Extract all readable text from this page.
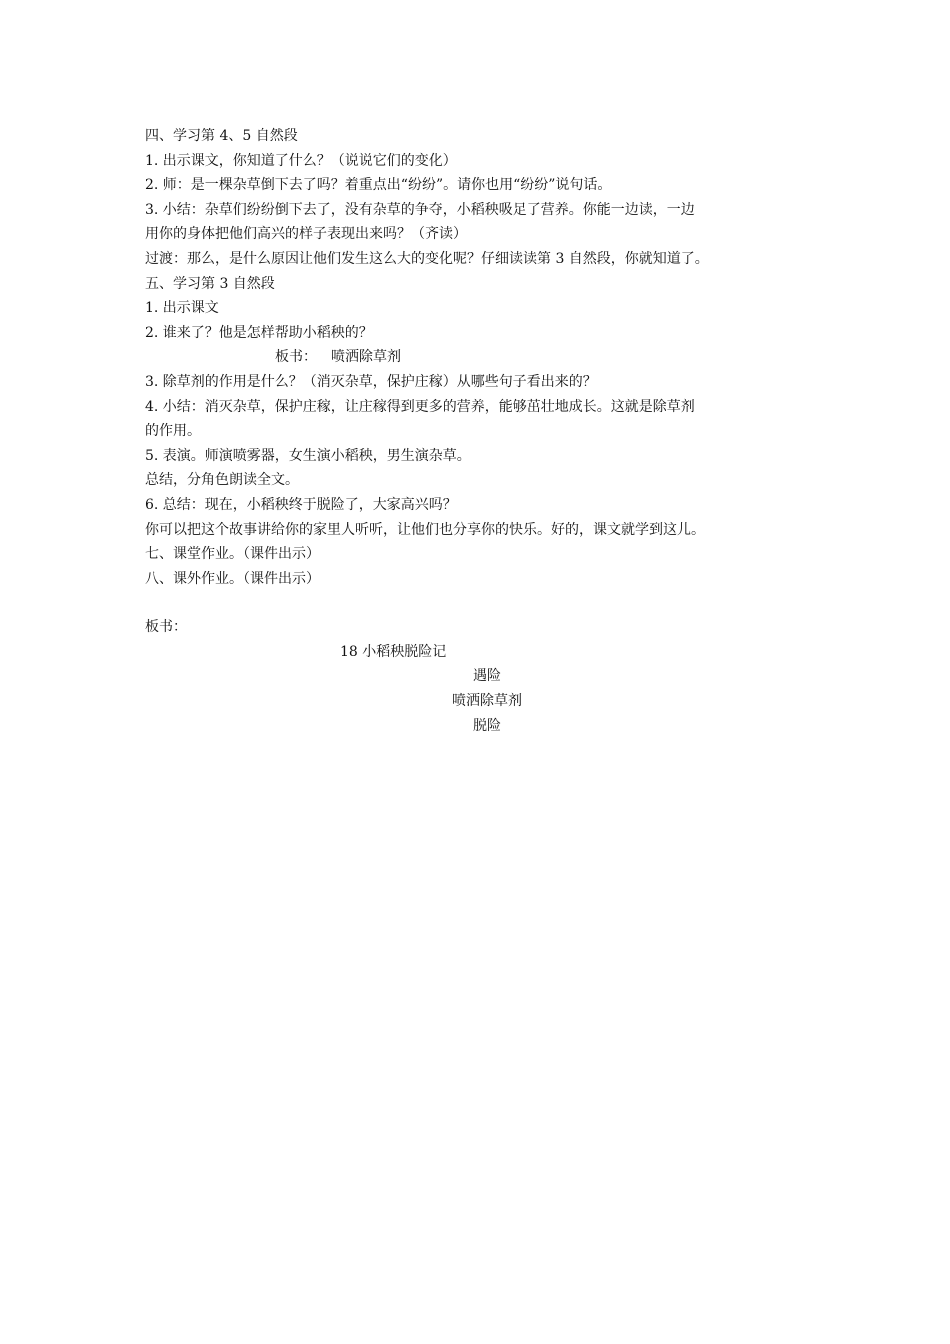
四、学习第 4、5 自然段
1. 出示课文，你知道了什么？（说说它们的变化）
2. 师：是一棵杂草倒下去了吗？着重点出“纷纷”。请你也用“纷纷”说句话。
3. 小结：杂草们纷纷倒下去了，没有杂草的争夺，小稻秧吸足了营养。你能一边读，一边
用你的身体把他们高兴的样子表现出来吗？（齐读）
过渡：那么，是什么原因让他们发生这么大的变化呢？仔细读读第 3 自然段，你就知道了。
五、学习第 3 自然段
1. 出示课文
2. 谁来了？他是怎样帮助小稻秧的？
板书： 喷洒除草剂
3. 除草剂的作用是什么？（消灭杂草，保护庄稼）从哪些句子看出来的？
4. 小结：消灭杂草，保护庄稼，让庄稼得到更多的营养，能够茁壮地成长。这就是除草剂
的作用。
5. 表演。师演喷雾器，女生演小稻秧，男生演杂草。
总结，分角色朗读全文。
6. 总结：现在，小稻秧终于脱险了，大家高兴吗？
你可以把这个故事讲给你的家里人听听，让他们也分享你的快乐。好的，课文就学到这儿。
七、课堂作业。（课件出示）
八、课外作业。（课件出示）
板书：
18 小稻秧脱险记
遇险
喷洒除草剂
脱险
